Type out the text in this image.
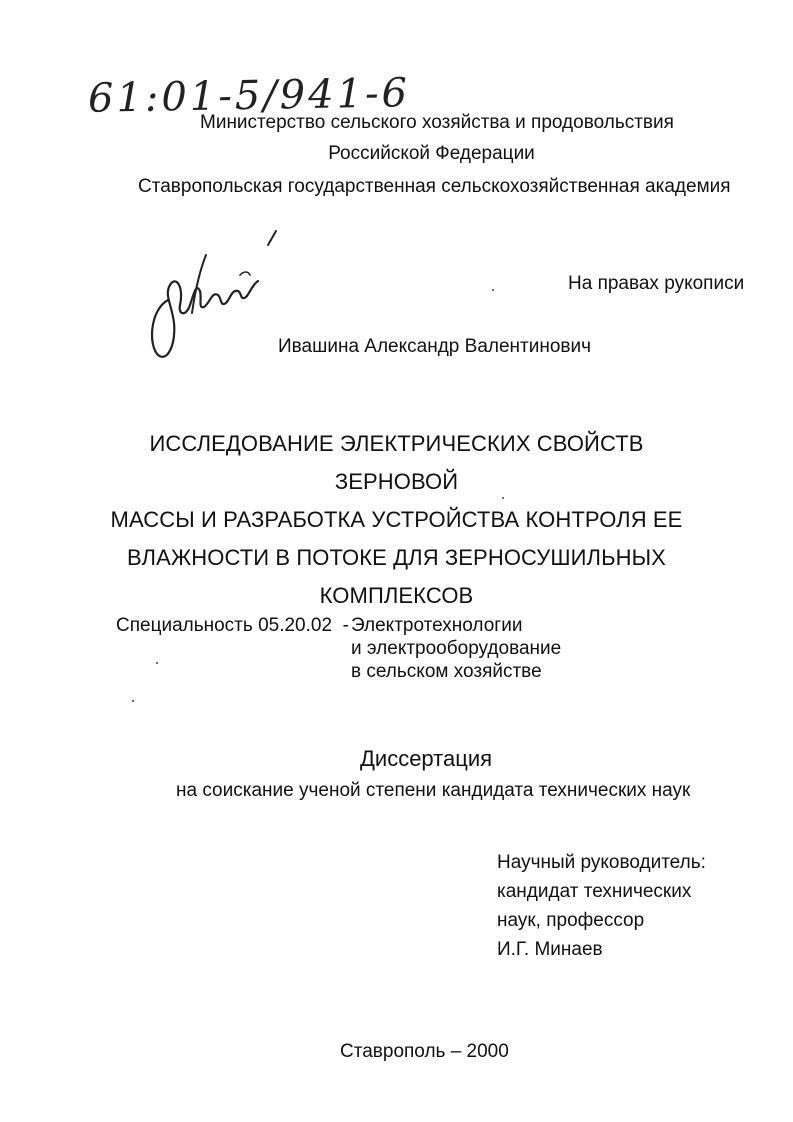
61:01-5/941-6
Министерство сельского хозяйства и продовольствия
Российской Федерации
Ставропольская государственная сельскохозяйственная академия
На правах рукописи
Ивашина Александр Валентинович
ИССЛЕДОВАНИЕ ЭЛЕКТРИЧЕСКИХ СВОЙСТВ ЗЕРНОВОЙ
МАССЫ И РАЗРАБОТКА УСТРОЙСТВА КОНТРОЛЯ ЕЕ
ВЛАЖНОСТИ В ПОТОКЕ ДЛЯ ЗЕРНОСУШИЛЬНЫХ
КОМПЛЕКСОВ
Специальность 05.20.02  - Электротехнологии
и электрооборудование
в сельском хозяйстве
Диссертация
на соискание ученой степени кандидата технических наук
Научный руководитель:
кандидат технических
наук, профессор
И.Г. Минаев
Ставрополь – 2000
